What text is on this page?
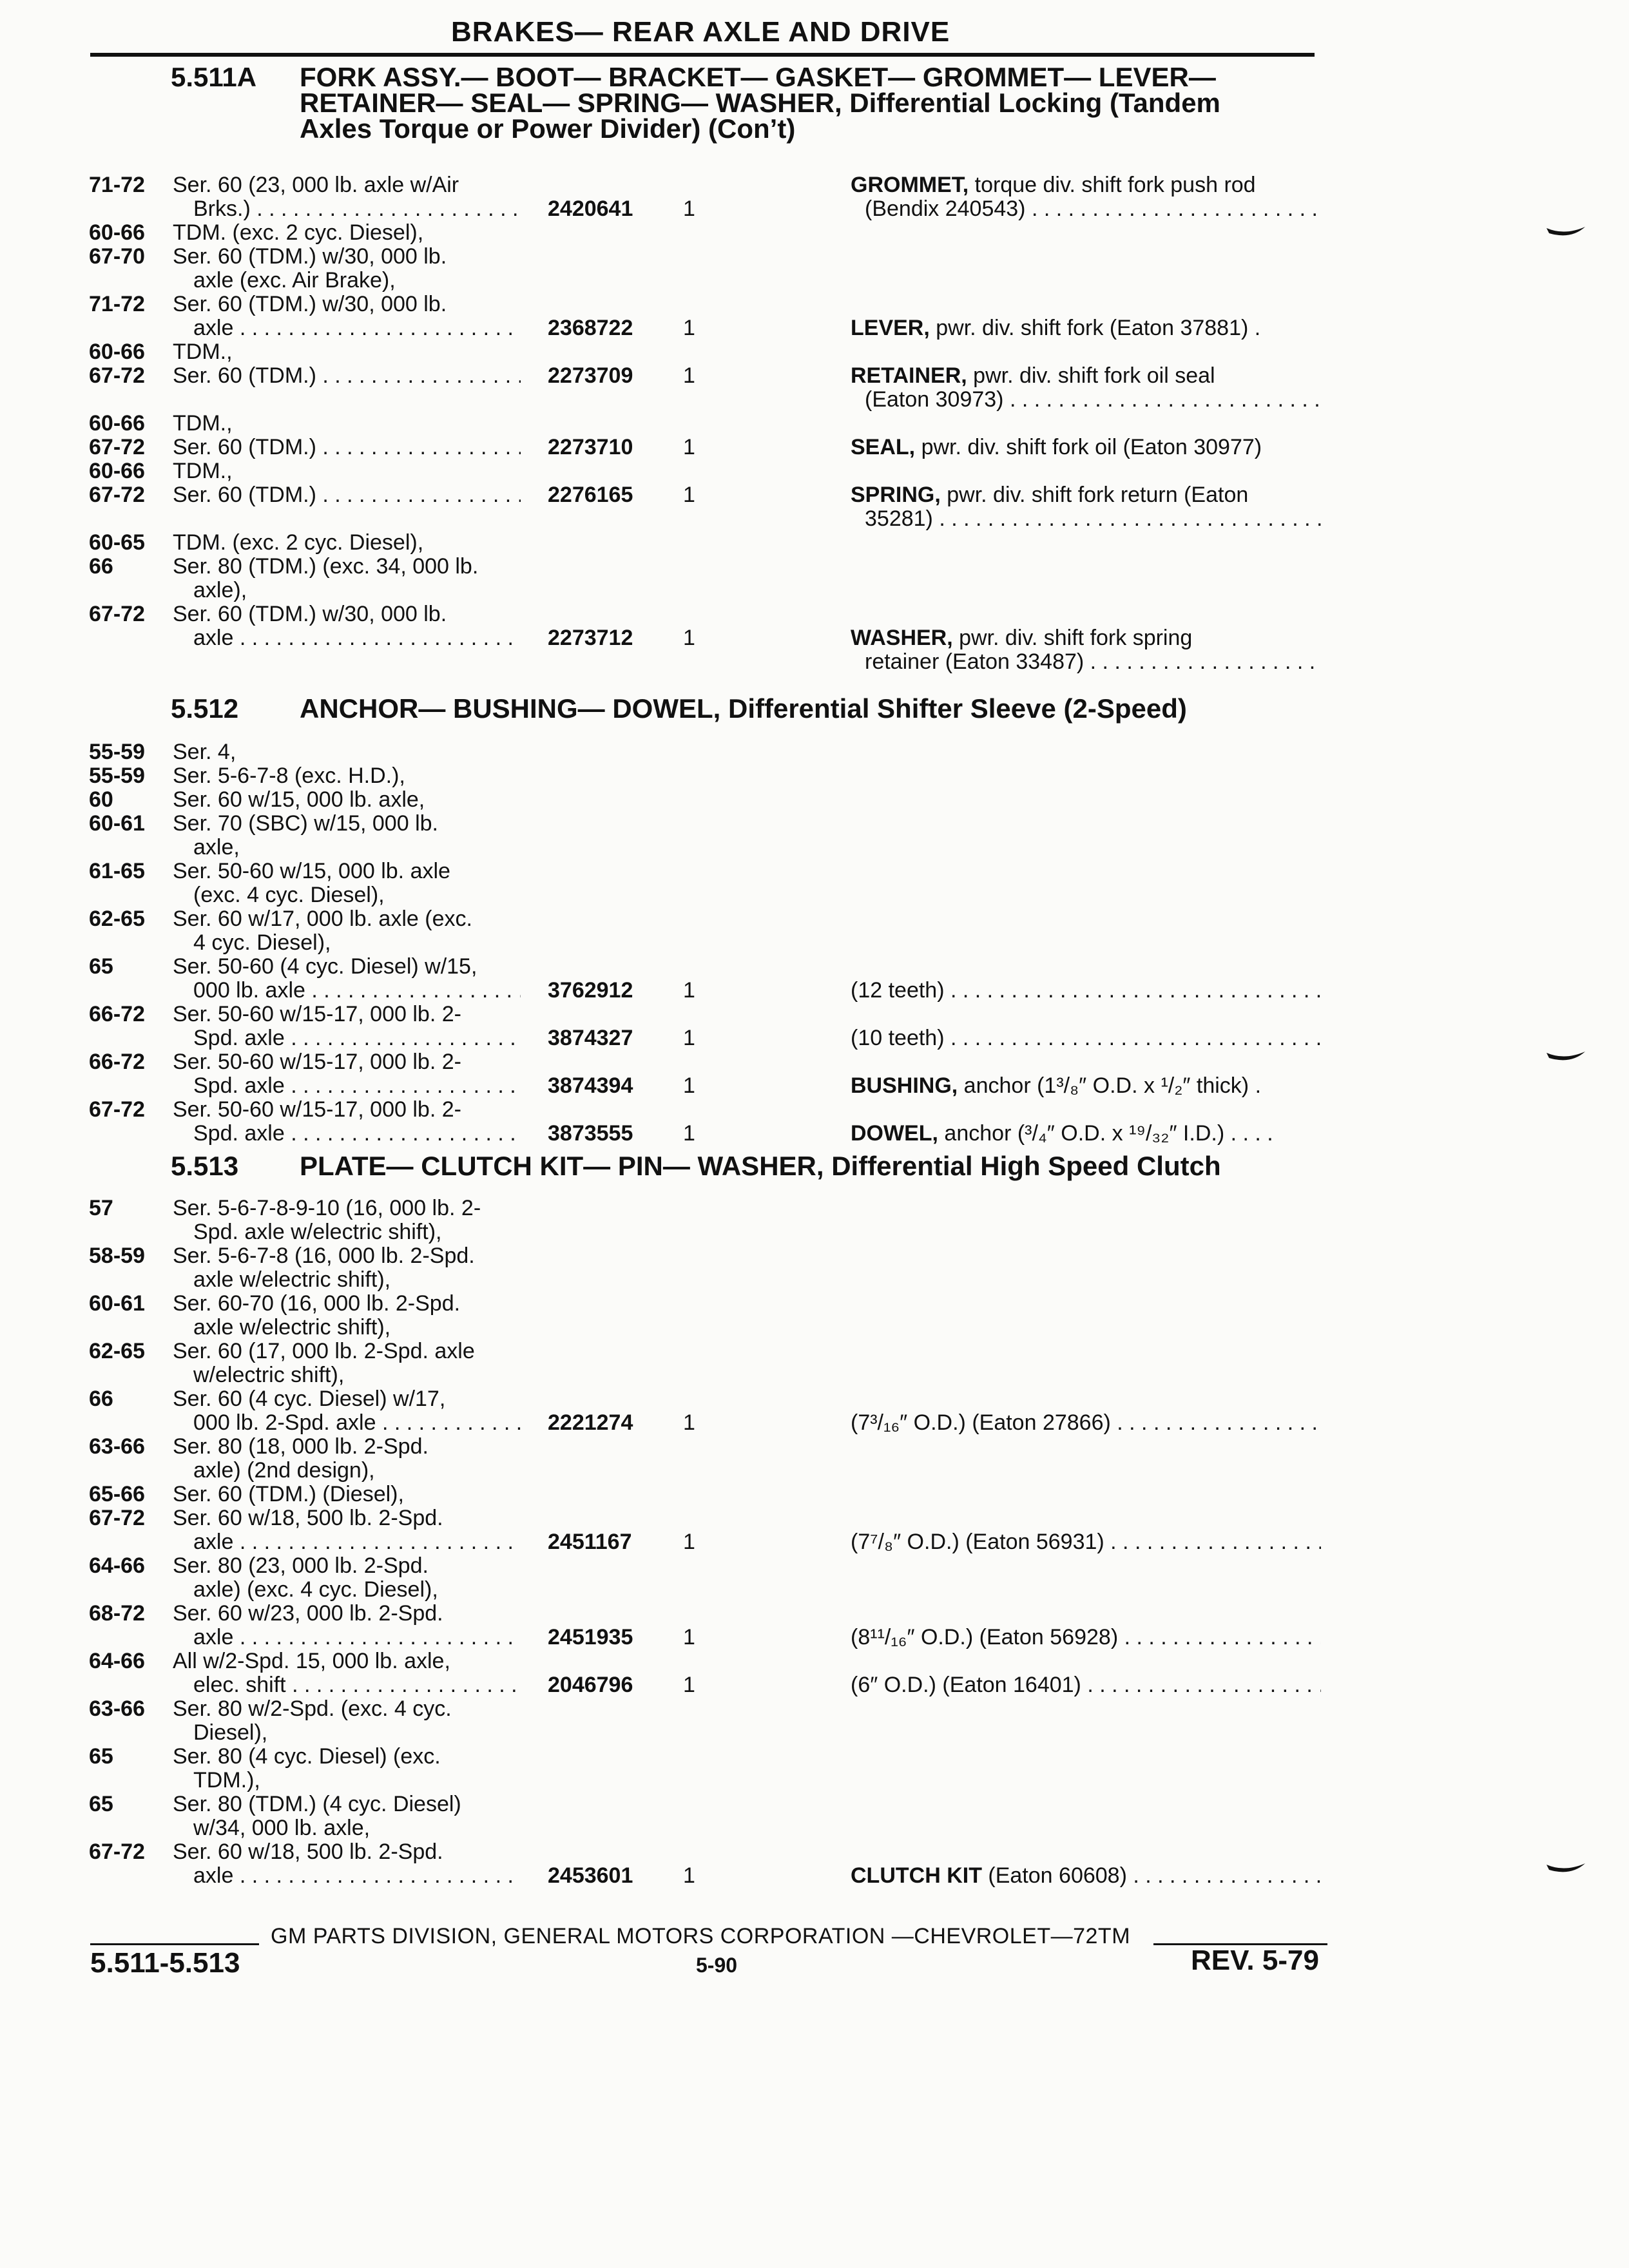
BRAKES— REAR AXLE AND DRIVE
5.511A FORK ASSY.— BOOT— BRACKET— GASKET— GROMMET— LEVER—
RETAINER— SEAL— SPRING— WASHER, Differential Locking (Tandem
Axles Torque or Power Divider) (Con’t)
71-72	Ser. 60 (23, 000 lb. axle w/Air	GROMMET, torque div. shift fork push rod
Brks.) . . .	2420641	1	(Bendix 240543) . . .
60-66	TDM. (exc. 2 cyc. Diesel),
67-70	Ser. 60 (TDM.) w/30, 000 lb.
axle (exc. Air Brake),
71-72	Ser. 60 (TDM.) w/30, 000 lb.
axle . . .	2368722	1	LEVER, pwr. div. shift fork (Eaton 37881) .
60-66	TDM.,
67-72	Ser. 60 (TDM.) . . .	2273709	1	RETAINER, pwr. div. shift fork oil seal
(Eaton 30973) . . .
60-66	TDM.,
67-72	Ser. 60 (TDM.) . . .	2273710	1	SEAL, pwr. div. shift fork oil (Eaton 30977)
60-66	TDM.,
67-72	Ser. 60 (TDM.) . . .	2276165	1	SPRING, pwr. div. shift fork return (Eaton
35281) . . .
60-65	TDM. (exc. 2 cyc. Diesel),
66	Ser. 80 (TDM.) (exc. 34, 000 lb.
axle),
67-72	Ser. 60 (TDM.) w/30, 000 lb.
axle . . .	2273712	1	WASHER, pwr. div. shift fork spring
retainer (Eaton 33487) . . .
5.512 ANCHOR— BUSHING— DOWEL, Differential Shifter Sleeve (2-Speed)
55-59	Ser. 4,
55-59	Ser. 5-6-7-8 (exc. H.D.),
60	Ser. 60 w/15, 000 lb. axle,
60-61	Ser. 70 (SBC) w/15, 000 lb.
axle,
61-65	Ser. 50-60 w/15, 000 lb. axle
(exc. 4 cyc. Diesel),
62-65	Ser. 60 w/17, 000 lb. axle (exc.
4 cyc. Diesel),
65	Ser. 50-60 (4 cyc. Diesel) w/15,
000 lb. axle . . .	3762912	1	(12 teeth) . . .
66-72	Ser. 50-60 w/15-17, 000 lb. 2-
Spd. axle . . .	3874327	1	(10 teeth) . . .
66-72	Ser. 50-60 w/15-17, 000 lb. 2-
Spd. axle . . .	3874394	1	BUSHING, anchor (1³/₈″ O.D. x ¹/₂″ thick) .
67-72	Ser. 50-60 w/15-17, 000 lb. 2-
Spd. axle . . .	3873555	1	DOWEL, anchor (³/₄″ O.D. x ¹⁹/₃₂″ I.D.) . . . .
5.513 PLATE— CLUTCH KIT— PIN— WASHER, Differential High Speed Clutch
57	Ser. 5-6-7-8-9-10 (16, 000 lb. 2-
Spd. axle w/electric shift),
58-59	Ser. 5-6-7-8 (16, 000 lb. 2-Spd.
axle w/electric shift),
60-61	Ser. 60-70 (16, 000 lb. 2-Spd.
axle w/electric shift),
62-65	Ser. 60 (17, 000 lb. 2-Spd. axle
w/electric shift),
66	Ser. 60 (4 cyc. Diesel) w/17,
000 lb. 2-Spd. axle . . .	2221274	1	(7³/₁₆″ O.D.) (Eaton 27866) . . .
63-66	Ser. 80 (18, 000 lb. 2-Spd.
axle) (2nd design),
65-66	Ser. 60 (TDM.) (Diesel),
67-72	Ser. 60 w/18, 500 lb. 2-Spd.
axle . . .	2451167	1	(7⁷/₈″ O.D.) (Eaton 56931) . . .
64-66	Ser. 80 (23, 000 lb. 2-Spd.
axle) (exc. 4 cyc. Diesel),
68-72	Ser. 60 w/23, 000 lb. 2-Spd.
axle . . .	2451935	1	(8¹¹/₁₆″ O.D.) (Eaton 56928) . . .
64-66	All w/2-Spd. 15, 000 lb. axle,
elec. shift . . .	2046796	1	(6″ O.D.) (Eaton 16401) . . .
63-66	Ser. 80 w/2-Spd. (exc. 4 cyc.
Diesel),
65	Ser. 80 (4 cyc. Diesel) (exc.
TDM.),
65	Ser. 80 (TDM.) (4 cyc. Diesel)
w/34, 000 lb. axle,
67-72	Ser. 60 w/18, 500 lb. 2-Spd.
axle . . .	2453601	1	CLUTCH KIT (Eaton 60608) . . .
GM PARTS DIVISION, GENERAL MOTORS CORPORATION —CHEVROLET—72TM
5.511-5.513	5-90	REV. 5-79
